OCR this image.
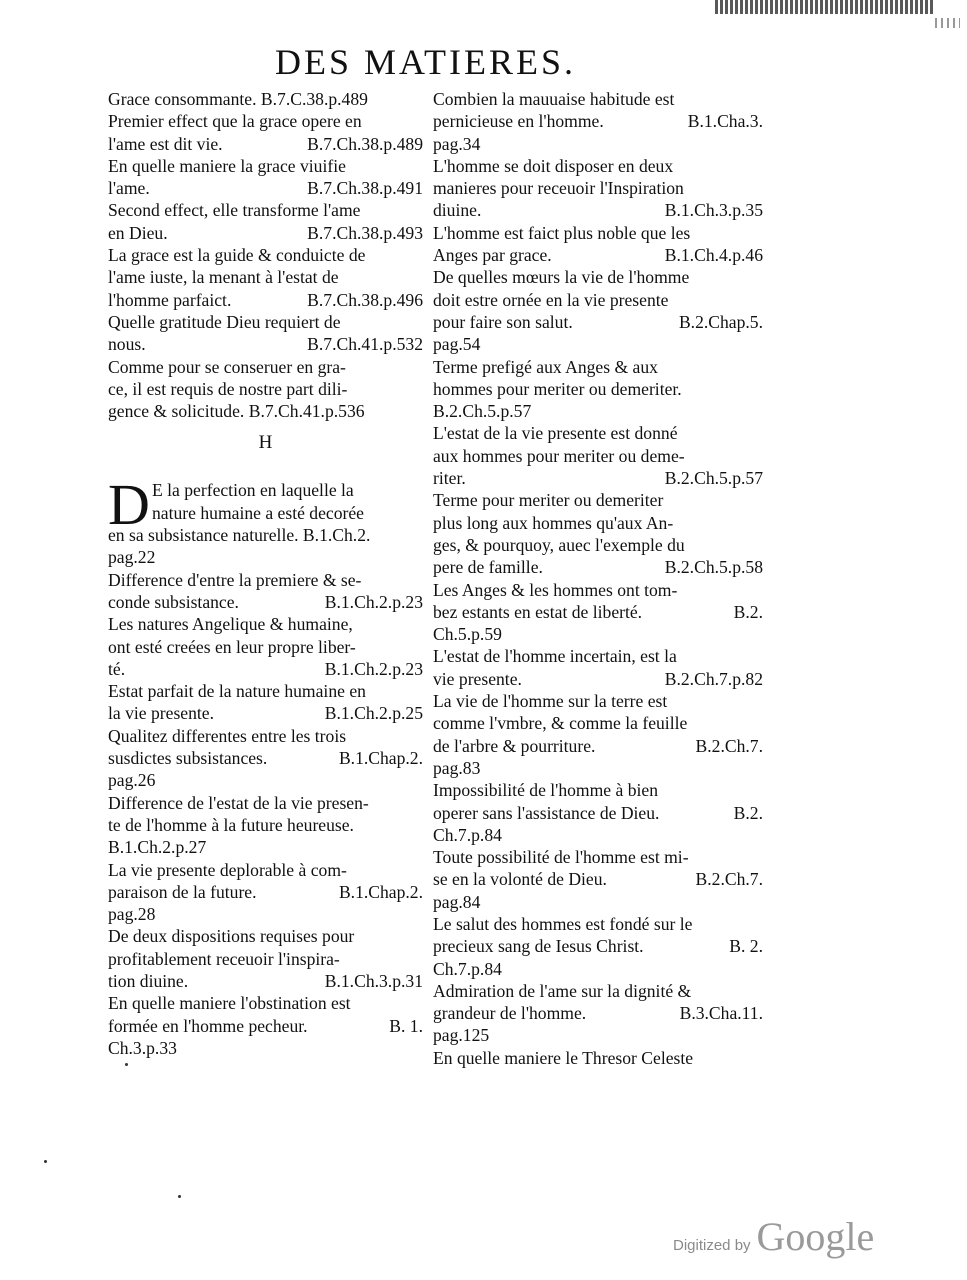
DES MATIERES.
Grace consommante. B.7.C.38.p.489
Premier effect que la grace opere en
l'ame est dit vie.	B.7.Ch.38.p.489
En quelle maniere la grace viuifie
l'ame.	B.7.Ch.38.p.491
Second effect, elle transforme l'ame
en Dieu.	B.7.Ch.38.p.493
La grace est la guide & conduicte de
l'ame iuste, la menant à l'estat de
l'homme parfaict.	B.7.Ch.38.p.496
Quelle gratitude Dieu requiert de
nous.	B.7.Ch.41.p.532
Comme pour se conseruer en gra-
ce, il est requis de nostre part dili-
gence & solicitude. B.7.Ch.41.p.536
H
D E la perfection en laquelle la
nature humaine a esté decorée
en sa subsistance naturelle. B.1.Ch.2.
pag.22
Difference d'entre la premiere & se-
conde subsistance.	B.1.Ch.2.p.23
Les natures Angelique & humaine,
ont esté creées en leur propre liber-
té.	B.1.Ch.2.p.23
Estat parfait de la nature humaine en
la vie presente.	B.1.Ch.2.p.25
Qualitez differentes entre les trois
susdictes subsistances.	B.1.Chap.2.
pag.26
Difference de l'estat de la vie presen-
te de l'homme à la future heureuse.
B.1.Ch.2.p.27
La vie presente deplorable à com-
paraison de la future.	B.1.Chap.2.
pag.28
De deux dispositions requises pour
profitablement receuoir l'inspira-
tion diuine.	B.1.Ch.3.p.31
En quelle maniere l'obstination est
formée en l'homme pecheur.	B. 1.
Ch.3.p.33
Combien la mauuaise habitude est
pernicieuse en l'homme.	B.1.Cha.3.
pag.34
L'homme se doit disposer en deux
manieres pour receuoir l'Inspiration
diuine.	B.1.Ch.3.p.35
L'homme est faict plus noble que les
Anges par grace.	B.1.Ch.4.p.46
De quelles mœurs la vie de l'homme
doit estre ornée en la vie presente
pour faire son salut.	B.2.Chap.5.
pag.54
Terme prefigé aux Anges & aux
hommes pour meriter ou demeriter.
B.2.Ch.5.p.57
L'estat de la vie presente est donné
aux hommes pour meriter ou deme-
riter.	B.2.Ch.5.p.57
Terme pour meriter ou demeriter
plus long aux hommes qu'aux An-
ges, & pourquoy, auec l'exemple du
pere de famille.	B.2.Ch.5.p.58
Les Anges & les hommes ont tom-
bez estants en estat de liberté.	B.2.
Ch.5.p.59
L'estat de l'homme incertain, est la
vie presente.	B.2.Ch.7.p.82
La vie de l'homme sur la terre est
comme l'vmbre, & comme la feuille
de l'arbre & pourriture.	B.2.Ch.7.
pag.83
Impossibilité de l'homme à bien
operer sans l'assistance de Dieu.	B.2.
Ch.7.p.84
Toute possibilité de l'homme est mi-
se en la volonté de Dieu.	B.2.Ch.7.
pag.84
Le salut des hommes est fondé sur le
precieux sang de Iesus Christ.	B. 2.
Ch.7.p.84
Admiration de l'ame sur la dignité &
grandeur de l'homme.	B.3.Cha.11.
pag.125
En quelle maniere le Thresor Celeste
Digitized by Google
